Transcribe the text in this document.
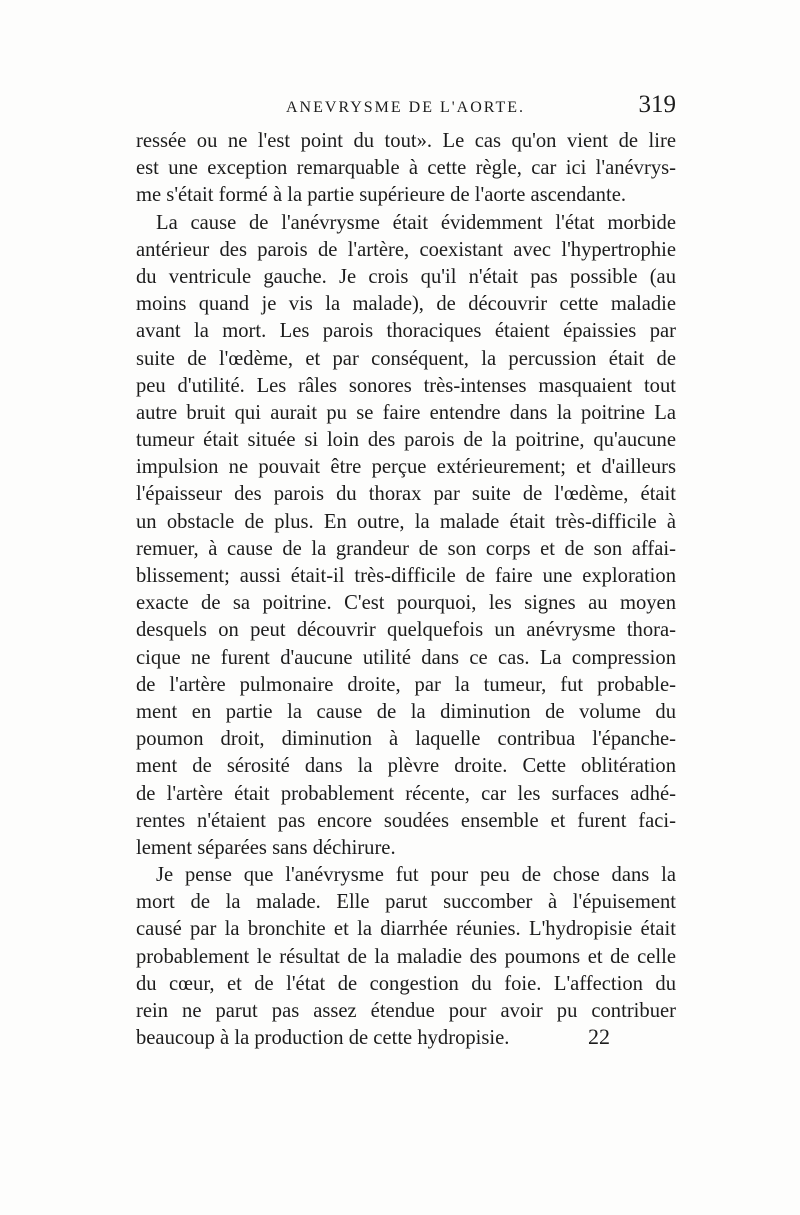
ANEVRYSME DE L'AORTE.	319
ressée ou ne l'est point du tout». Le cas qu'on vient de lire
est une exception remarquable à cette règle, car ici l'anévrys-
me s'était formé à la partie supérieure de l'aorte ascendante.
La cause de l'anévrysme était évidemment l'état morbide
antérieur des parois de l'artère, coexistant avec l'hypertrophie
du ventricule gauche. Je crois qu'il n'était pas possible (au
moins quand je vis la malade), de découvrir cette maladie
avant la mort. Les parois thoraciques étaient épaissies par
suite de l'œdème, et par conséquent, la percussion était de
peu d'utilité. Les râles sonores très-intenses masquaient tout
autre bruit qui aurait pu se faire entendre dans la poitrine La
tumeur était située si loin des parois de la poitrine, qu'aucune
impulsion ne pouvait être perçue extérieurement; et d'ailleurs
l'épaisseur des parois du thorax par suite de l'œdème, était
un obstacle de plus. En outre, la malade était très-difficile à
remuer, à cause de la grandeur de son corps et de son affai-
blissement; aussi était-il très-difficile de faire une exploration
exacte de sa poitrine. C'est pourquoi, les signes au moyen
desquels on peut découvrir quelquefois un anévrysme thora-
cique ne furent d'aucune utilité dans ce cas. La compression
de l'artère pulmonaire droite, par la tumeur, fut probable-
ment en partie la cause de la diminution de volume du
poumon droit, diminution à laquelle contribua l'épanche-
ment de sérosité dans la plèvre droite. Cette oblitération
de l'artère était probablement récente, car les surfaces adhé-
rentes n'étaient pas encore soudées ensemble et furent faci-
lement séparées sans déchirure.
Je pense que l'anévrysme fut pour peu de chose dans la
mort de la malade. Elle parut succomber à l'épuisement
causé par la bronchite et la diarrhée réunies. L'hydropisie était
probablement le résultat de la maladie des poumons et de celle
du cœur, et de l'état de congestion du foie. L'affection du
rein ne parut pas assez étendue pour avoir pu contribuer
beaucoup à la production de cette hydropisie.	22
